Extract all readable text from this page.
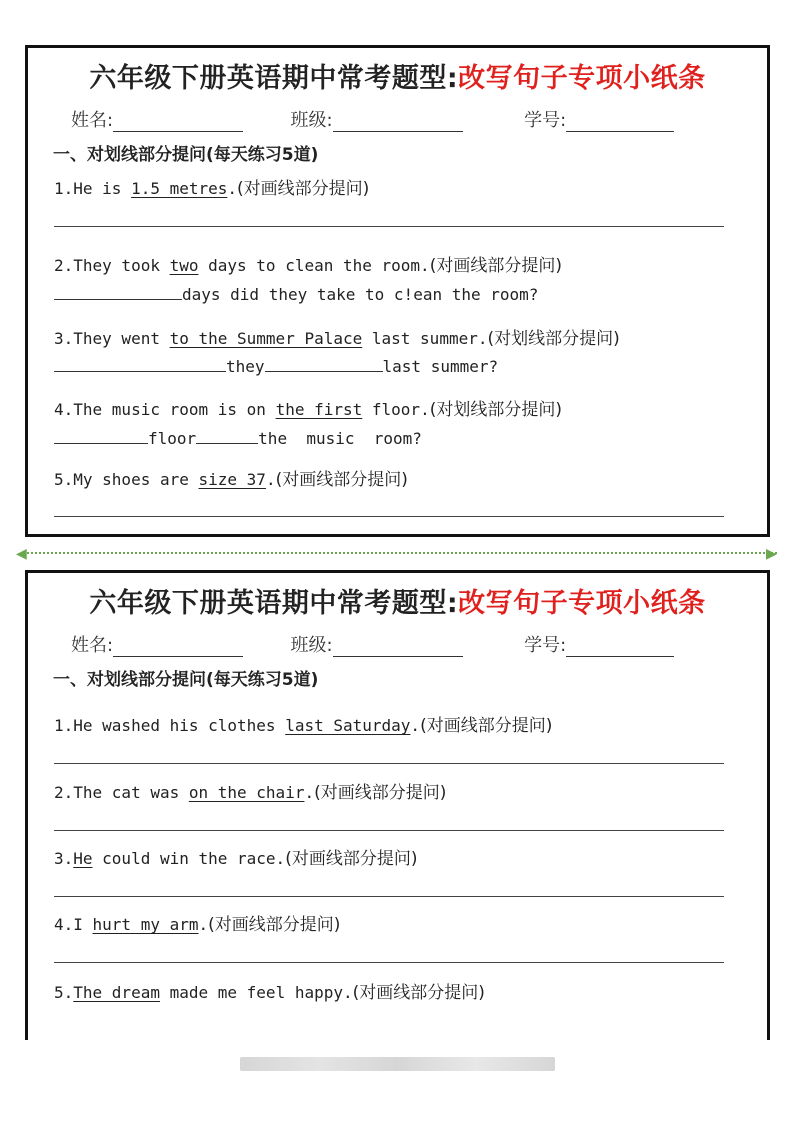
六年级下册英语期中常考题型:改写句子专项小纸条
姓名:	班级:	学号:
一、对划线部分提问(每天练习5道)
1.He is 1.5 metres.(对画线部分提问)
2.They took two days to clean the room.(对画线部分提问)
days did they take to c!ean the room?
3.They went to the Summer Palace last summer.(对划线部分提问)
they	last summer?
4.The music room is on the first floor.(对划线部分提问)
floor	the  music  room?
5.My shoes are size 37.(对画线部分提问)
◀	▶
六年级下册英语期中常考题型:改写句子专项小纸条
姓名:	班级:	学号:
一、对划线部分提问(每天练习5道)
1.He washed his clothes last Saturday.(对画线部分提问)
2.The cat was on the chair.(对画线部分提问)
3.He could win the race.(对画线部分提问)
4.I hurt my arm.(对画线部分提问)
5.The dream made me feel happy.(对画线部分提问)
